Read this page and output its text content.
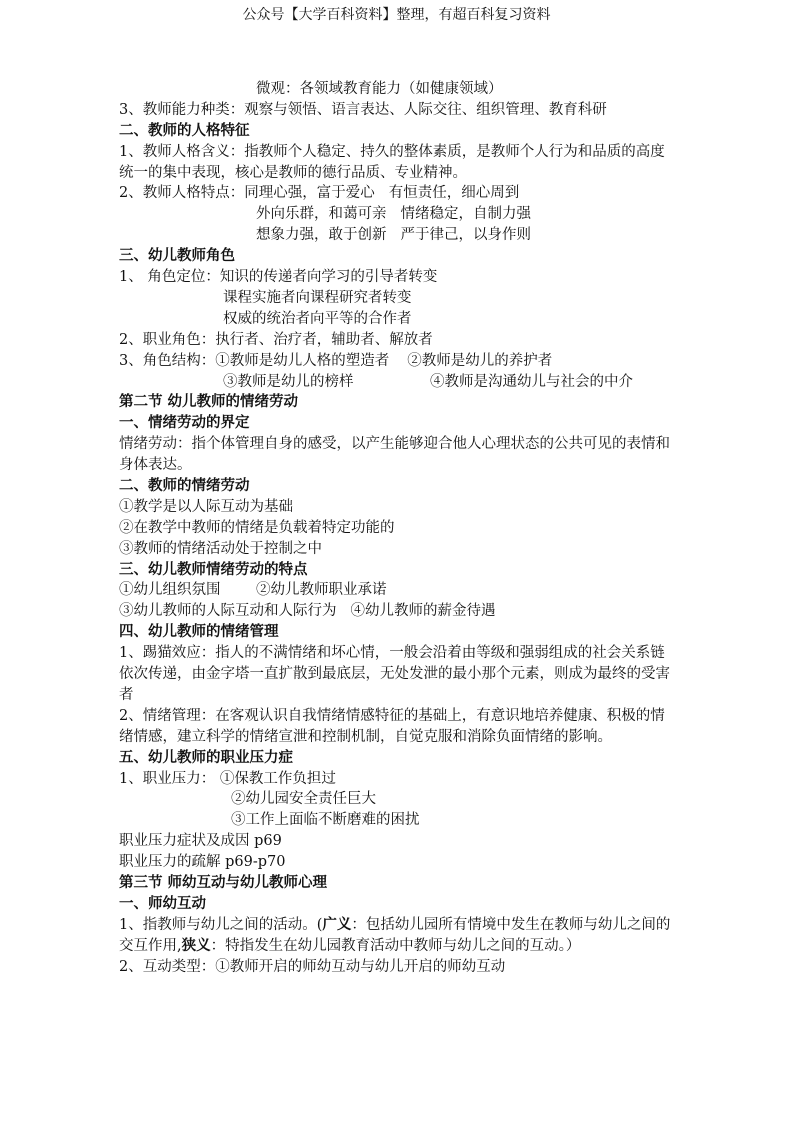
公众号【大学百科资料】整理，有超百科复习资料
微观：各领域教育能力（如健康领域）
3、教师能力种类：观察与领悟、语言表达、人际交往、组织管理、教育科研
二、教师的人格特征
1、教师人格含义：指教师个人稳定、持久的整体素质，是教师个人行为和品质的高度统一的集中表现，核心是教师的德行品质、专业精神。
2、教师人格特点：同理心强，富于爱心 有恒责任，细心周到
外向乐群，和蔼可亲 情绪稳定，自制力强
想象力强，敢于创新 严于律己，以身作则
三、幼儿教师角色
1、 角色定位：知识的传递者向学习的引导者转变
课程实施者向课程研究者转变
权威的统治者向平等的合作者
2、职业角色：执行者、治疗者，辅助者、解放者
3、角色结构：①教师是幼儿人格的塑造者 ②教师是幼儿的养护者
③教师是幼儿的榜样	④教师是沟通幼儿与社会的中介
第二节 幼儿教师的情绪劳动
一、情绪劳动的界定
情绪劳动：指个体管理自身的感受，以产生能够迎合他人心理状态的公共可见的表情和身体表达。
二、教师的情绪劳动
①教学是以人际互动为基础
②在教学中教师的情绪是负载着特定功能的
③教师的情绪活动处于控制之中
三、幼儿教师情绪劳动的特点
①幼儿组织氛围 ②幼儿教师职业承诺
③幼儿教师的人际互动和人际行为 ④幼儿教师的薪金待遇
四、幼儿教师的情绪管理
1、踢猫效应：指人的不满情绪和坏心情，一般会沿着由等级和强弱组成的社会关系链依次传递，由金字塔一直扩散到最底层，无处发泄的最小那个元素，则成为最终的受害者
2、情绪管理：在客观认识自我情绪情感特征的基础上，有意识地培养健康、积极的情绪情感，建立科学的情绪宣泄和控制机制，自觉克服和消除负面情绪的影响。
五、幼儿教师的职业压力症
1、职业压力： ①保教工作负担过
②幼儿园安全责任巨大
③工作上面临不断磨难的困扰
职业压力症状及成因 p69
职业压力的疏解 p69-p70
第三节 师幼互动与幼儿教师心理
一、师幼互动
1、指教师与幼儿之间的活动。(广义：包括幼儿园所有情境中发生在教师与幼儿之间的交互作用,狭义：特指发生在幼儿园教育活动中教师与幼儿之间的互动。）
2、互动类型：①教师开启的师幼互动与幼儿开启的师幼互动
